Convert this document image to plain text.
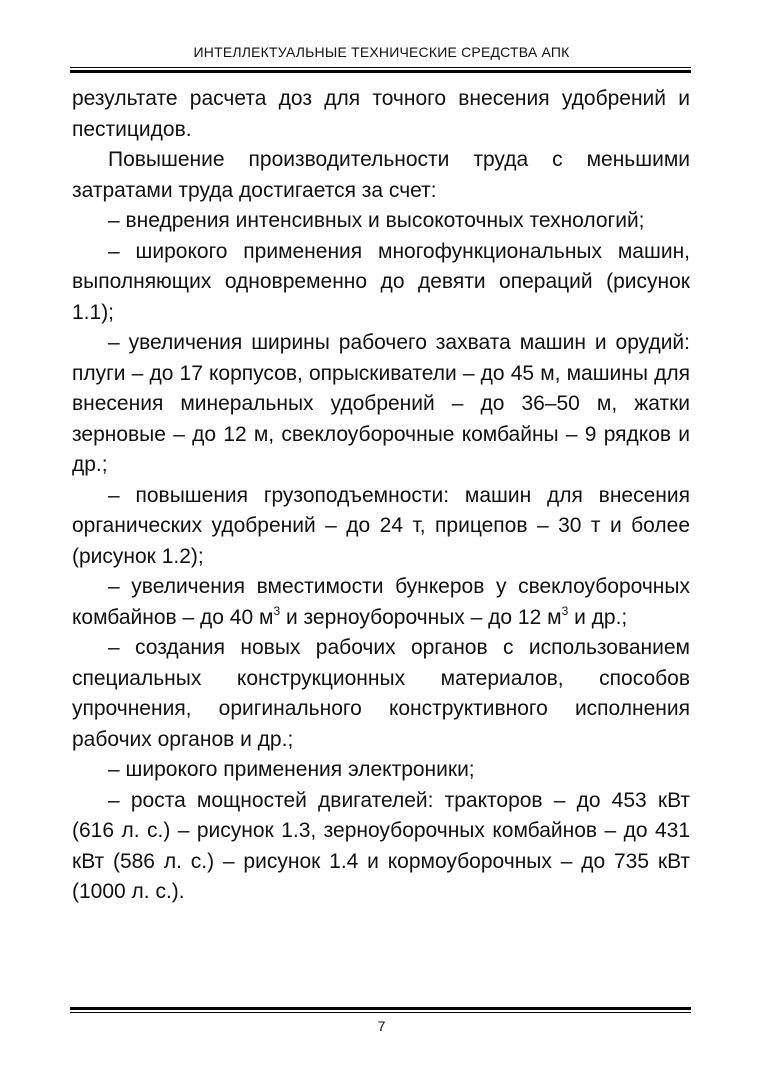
ИНТЕЛЛЕКТУАЛЬНЫЕ ТЕХНИЧЕСКИЕ СРЕДСТВА АПК

результате расчета доз для точного внесения удобрений и пестицидов.

Повышение производительности труда с меньшими затратами труда достигается за счет:

– внедрения интенсивных и высокоточных технологий;

– широкого применения многофункциональных машин, выполняющих одновременно до девяти операций (рисунок 1.1);

– увеличения ширины рабочего захвата машин и орудий: плуги – до 17 корпусов, опрыскиватели – до 45 м, машины для внесения минеральных удобрений – до 36–50 м, жатки зерновые – до 12 м, свеклоуборочные комбайны – 9 рядков и др.;

– повышения грузоподъемности: машин для внесения органических удобрений – до 24 т, прицепов – 30 т и более (рисунок 1.2);

– увеличения вместимости бункеров у свеклоуборочных комбайнов – до 40 $м^3$ и зерноуборочных – до 12 $м^3$ и др.;

– создания новых рабочих органов с использованием специальных конструкционных материалов, способов упрочнения, оригинального конструктивного исполнения рабочих органов и др.;

– широкого применения электроники;

– роста мощностей двигателей: тракторов – до 453 кВт (616 л. с.) – рисунок 1.3, зерноуборочных комбайнов – до 431 кВт (586 л. с.) – рисунок 1.4 и кормоуборочных – до 735 кВт (1000 л. с.).

7
